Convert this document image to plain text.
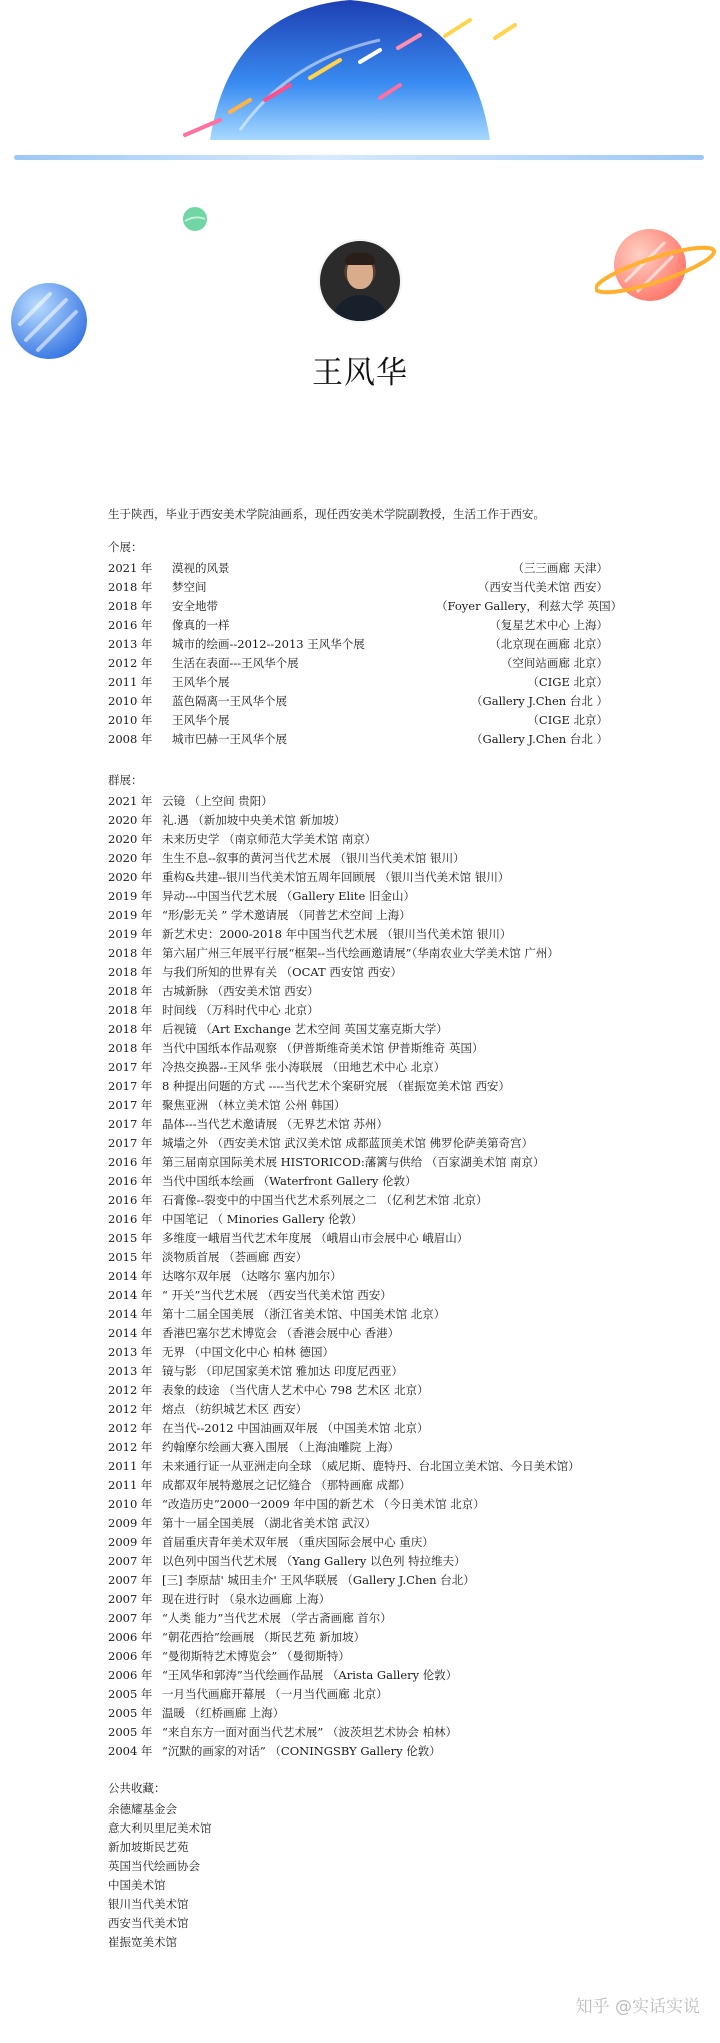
王风华

生于陕西，毕业于西安美术学院油画系，现任西安美术学院副教授，生活工作于西安。

个展：
2021 年	漠视的风景	（三三画廊 天津）
2018 年	梦空间	（西安当代美术馆 西安）
2018 年	安全地带	（Foyer Gallery，利兹大学 英国）
2016 年	像真的一样	（复星艺术中心 上海）
2013 年	城市的绘画--2012--2013 王风华个展	（北京现在画廊 北京）
2012 年	生活在表面---王风华个展	（空间站画廊 北京）
2011 年	王风华个展	（CIGE 北京）
2010 年	蓝色隔离一王风华个展	（Gallery J.Chen 台北 ）
2010 年	王风华个展	（CIGE 北京）
2008 年	城市巴赫一王风华个展	（Gallery J.Chen 台北 ）
群展：
2021 年 云镜 （上空间 贵阳）
2020 年 礼.遇 （新加坡中央美术馆 新加坡）
2020 年 未来历史学 （南京师范大学美术馆 南京）
2020 年 生生不息--叙事的黄河当代艺术展 （银川当代美术馆 银川）
2020 年 重构&共建--银川当代美术馆五周年回顾展 （银川当代美术馆 银川）
2019 年 异动---中国当代艺术展 （Gallery Elite 旧金山）
2019 年 “形/影无关 ” 学术邀请展 （同普艺术空间 上海）
2019 年 新艺术史：2000-2018 年中国当代艺术展 （银川当代美术馆 银川）
2018 年 第六届广州三年展平行展“框架--当代绘画邀请展”（华南农业大学美术馆 广州）
2018 年 与我们所知的世界有关 （OCAT 西安馆 西安）
2018 年 古城新脉 （西安美术馆 西安）
2018 年 时间线 （万科时代中心 北京）
2018 年 后视镜 （Art Exchange 艺术空间 英国艾塞克斯大学）
2018 年 当代中国纸本作品观察 （伊普斯维奇美术馆 伊普斯维奇 英国）
2017 年 冷热交换器--王风华 张小涛联展 （田地艺术中心 北京）
2017 年 8 种提出问题的方式 ----当代艺术个案研究展 （崔振宽美术馆 西安）
2017 年 聚焦亚洲 （林立美术馆 公州 韩国）
2017 年 晶体---当代艺术邀请展 （无界艺术馆 苏州）
2017 年 城墙之外 （西安美术馆 武汉美术馆 成都蓝顶美术馆 佛罗伦萨美第奇宫）
2016 年 第三届南京国际美术展 HISTORICOD:藩篱与供给 （百家湖美术馆 南京）
2016 年 当代中国纸本绘画 （Waterfront Gallery 伦敦）
2016 年 石膏像--裂变中的中国当代艺术系列展之二 （亿利艺术馆 北京）
2016 年 中国笔记 （ Minories Gallery 伦敦）
2015 年 多维度一峨眉当代艺术年度展 （峨眉山市会展中心 峨眉山）
2015 年 淡物质首展 （荟画廊 西安）
2014 年 达喀尔双年展 （达喀尔 塞内加尔）
2014 年 “ 开关”当代艺术展 （西安当代美术馆 西安）
2014 年 第十二届全国美展 （浙江省美术馆、中国美术馆 北京）
2014 年 香港巴塞尔艺术博览会 （香港会展中心 香港）
2013 年 无界 （中国文化中心 柏林 德国）
2013 年 镜与影 （印尼国家美术馆 雅加达 印度尼西亚）
2012 年 表象的歧途 （当代唐人艺术中心 798 艺术区 北京）
2012 年 熔点 （纺织城艺术区 西安）
2012 年 在当代--2012 中国油画双年展 （中国美术馆 北京）
2012 年 约翰摩尔绘画大赛入围展 （上海油雕院 上海）
2011 年 未来通行证一从亚洲走向全球 （威尼斯、鹿特丹、台北国立美术馆、今日美术馆）
2011 年 成都双年展特邀展之记忆缝合 （那特画廊 成都）
2010 年 “改造历史”2000一2009 年中国的新艺术 （今日美术馆 北京）
2009 年 第十一届全国美展 （湖北省美术馆 武汉）
2009 年 首届重庆青年美术双年展 （重庆国际会展中心 重庆）
2007 年 以色列中国当代艺术展 （Yang Gallery 以色列 特拉维夫）
2007 年 [三] 李原喆' 城田圭介' 王风华联展 （Gallery J.Chen 台北）
2007 年 现在进行时 （泉水边画廊 上海）
2007 年 “人类 能力”当代艺术展 （学古斋画廊 首尔）
2006 年 “朝花西拾”绘画展 （斯民艺苑 新加坡）
2006 年 “曼彻斯特艺术博览会” （曼彻斯特）
2006 年 “王风华和郭涛”当代绘画作品展 （Arista Gallery 伦敦）
2005 年 一月当代画廊开幕展 （一月当代画廊 北京）
2005 年 温暖 （红桥画廊 上海）
2005 年 “来自东方一面对面当代艺术展” （波茨坦艺术协会 柏林）
2004 年 “沉默的画家的对话” （CONINGSBY Gallery 伦敦）
公共收藏：
余德耀基金会
意大利贝里尼美术馆
新加坡斯民艺苑
英国当代绘画协会
中国美术馆
银川当代美术馆
西安当代美术馆
崔振宽美术馆
知乎 @实话实说
